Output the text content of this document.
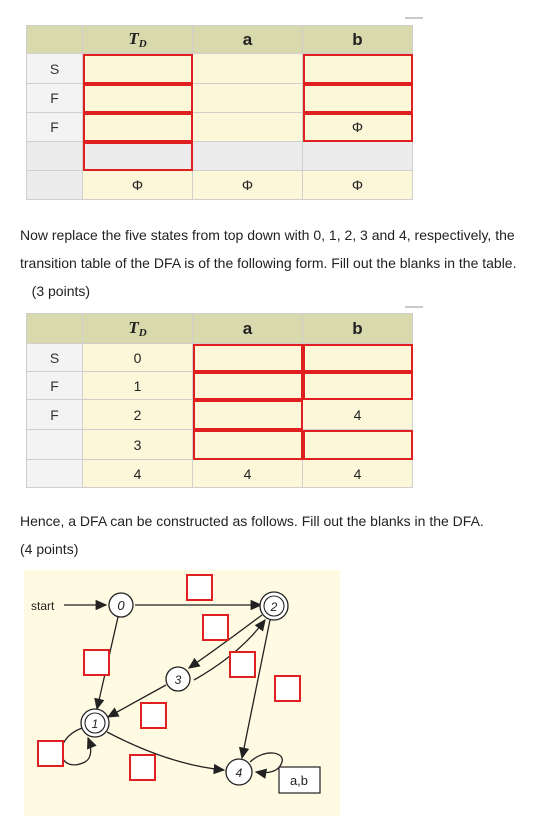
	$T_D$	a	b
S			
F			
F			Φ

	Φ	Φ	Φ
Now replace the five states from top down with 0, 1, 2, 3 and 4, respectively, the transition table of the DFA is of the following form. Fill out the blanks in the table.    (3 points)
	$T_D$	a	b
S	0		
F	1		
F	2		4
	3		
	4	4	4
Hence, a DFA can be constructed as follows. Fill out the blanks in the DFA.
(4 points)
0
1
2
3
4
start
a,b
